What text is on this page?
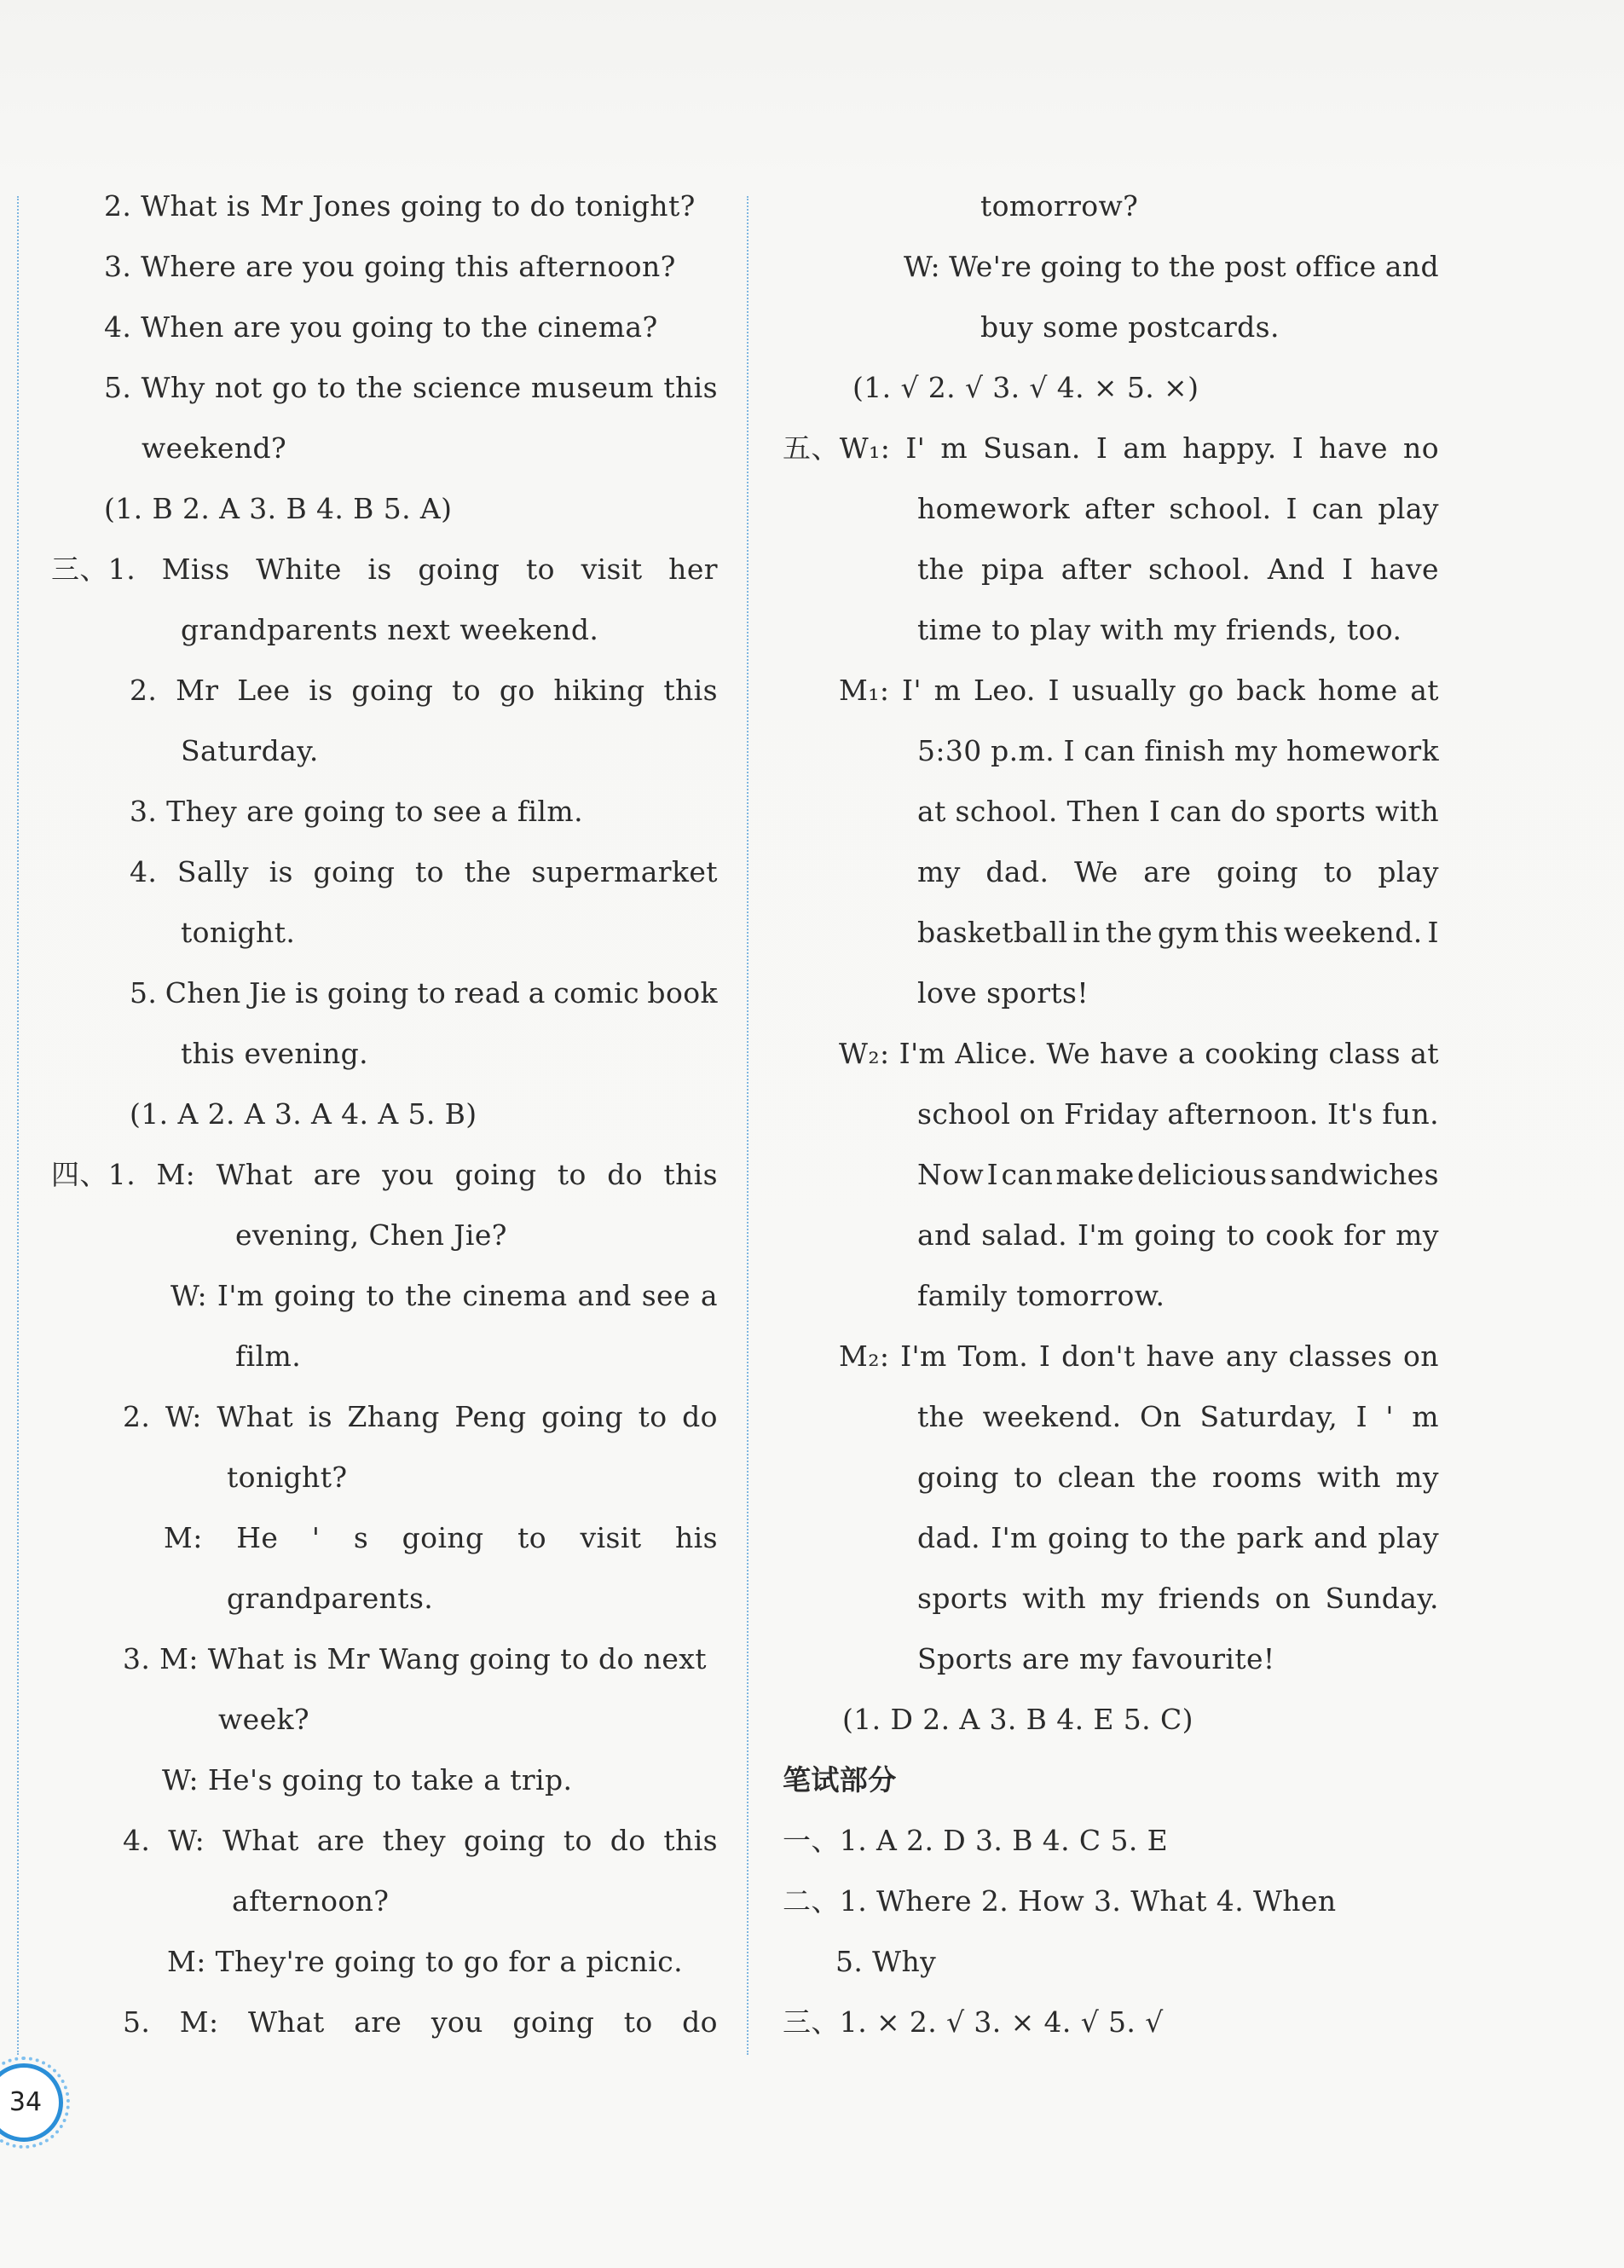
2. What is Mr Jones going to do tonight?
3. Where are you going this afternoon?
4. When are you going to the cinema?
5. Why not go to the science museum this
weekend?
(1. B 2. A 3. B 4. B 5. A)
三、1. Miss White is going to visit her
grandparents next weekend.
2. Mr Lee is going to go hiking this
Saturday.
3. They are going to see a film.
4. Sally is going to the supermarket
tonight.
5. Chen Jie is going to read a comic book
this evening.
(1. A 2. A 3. A 4. A 5. B)
四、1. M: What are you going to do this
evening, Chen Jie?
W: I'm going to the cinema and see a
film.
2. W: What is Zhang Peng going to do
tonight?
M: He ' s going to visit his
grandparents.
3. M: What is Mr Wang going to do next
week?
W: He's going to take a trip.
4. W: What are they going to do this
afternoon?
M: They're going to go for a picnic.
5. M: What are you going to do
tomorrow?
W: We're going to the post office and
buy some postcards.
(1. √ 2. √ 3. √ 4. × 5. ×)
五、W₁: I' m Susan. I am happy. I have no
homework after school. I can play
the pipa after school. And I have
time to play with my friends, too.
M₁: I' m Leo. I usually go back home at
5:30 p.m. I can finish my homework
at school. Then I can do sports with
my dad. We are going to play
basketball in the gym this weekend. I
love sports!
W₂: I'm Alice. We have a cooking class at
school on Friday afternoon. It's fun.
Now I can make delicious sandwiches
and salad. I'm going to cook for my
family tomorrow.
M₂: I'm Tom. I don't have any classes on
the weekend. On Saturday, I ' m
going to clean the rooms with my
dad. I'm going to the park and play
sports with my friends on Sunday.
Sports are my favourite!
(1. D 2. A 3. B 4. E 5. C)
笔试部分
一、1. A 2. D 3. B 4. C 5. E
二、1. Where 2. How 3. What 4. When
5. Why
三、1. × 2. √ 3. × 4. √ 5. √
34
